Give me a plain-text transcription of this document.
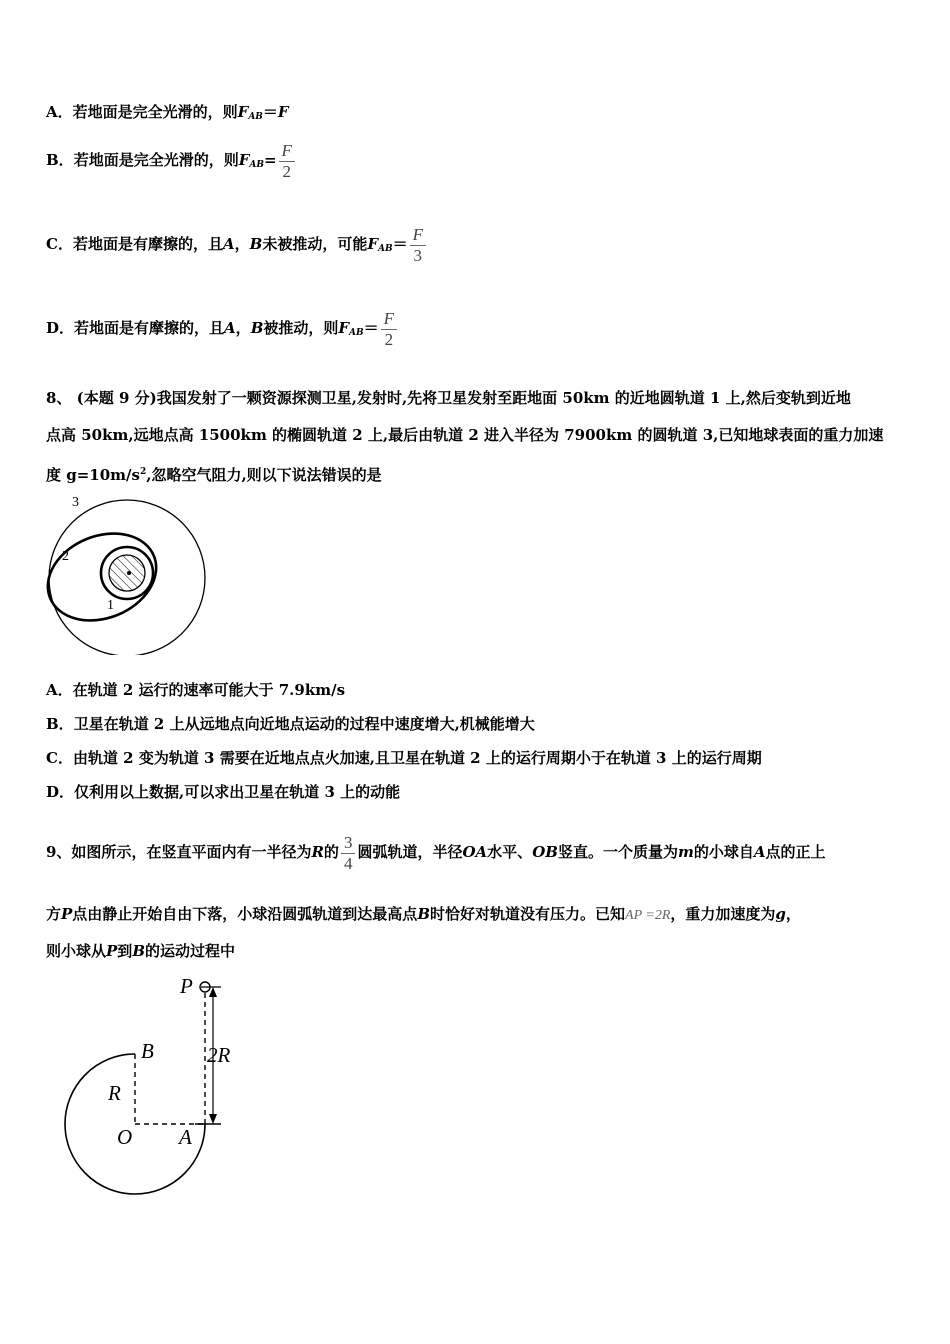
A．若地面是完全光滑的，则$F_{AB}=F$
B．若地面是完全光滑的，则$F_{AB}= \frac{F}{2}$
C．若地面是有摩擦的，且A，B未被推动，可能$F_{AB}= \frac{F}{3}$
D．若地面是有摩擦的，且A，B被推动，则$F_{AB}= \frac{F}{2}$
8、 (本题 9 分)我国发射了一颗资源探测卫星,发射时,先将卫星发射至距地面 50km 的近地圆轨道 1 上,然后变轨到近地
点高 50km,远地点高 1500km 的椭圆轨道 2 上,最后由轨道 2 进入半径为 7900km 的圆轨道 3,已知地球表面的重力加速
度 $g=10m/s^2$,忽略空气阻力,则以下说法错误的是
3
2
1
A．在轨道 2 运行的速率可能大于 7.9km/s
B．卫星在轨道 2 上从远地点向近地点运动的过程中速度增大,机械能增大
C．由轨道 2 变为轨道 3 需要在近地点点火加速,且卫星在轨道 2 上的运行周期小于在轨道 3 上的运行周期
D．仅利用以上数据,可以求出卫星在轨道 3 上的动能
9、如图所示，在竖直平面内有一半径为R的 $\frac{3}{4}$ 圆弧轨道，半径OA水平、OB竖直。一个质量为m的小球自A点的正上
方P点由静止开始自由下落，小球沿圆弧轨道到达最高点B时恰好对轨道没有压力。已知AP =2R，重力加速度为g，
则小球从P到B的运动过程中
P
B
R
2R
O A
